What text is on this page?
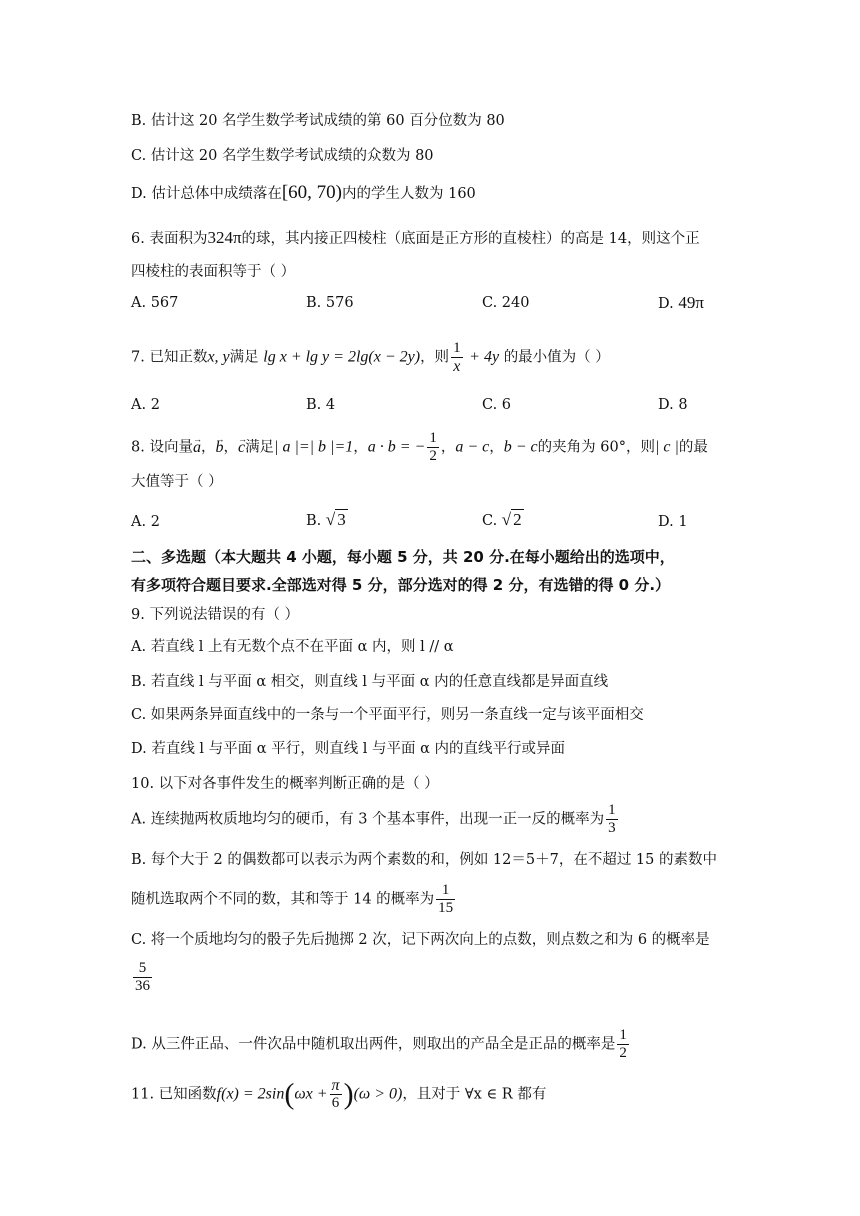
B. 估计这 20 名学生数学考试成绩的第 60 百分位数为 80
C. 估计这 20 名学生数学考试成绩的众数为 80
D. 估计总体中成绩落在[60, 70)内的学生人数为 160
6. 表面积为324π的球，其内接正四棱柱（底面是正方形的直棱柱）的高是 14，则这个正
四棱柱的表面积等于（ ）
A. 567	B. 576	C. 240	D. 49π
7. 已知正数x, y满足 lg x + lg y = 2lg(x − 2y)，则 $\frac{1}{x} + 4y$ 的最小值为（ ）
A. 2	B. 4	C. 6	D. 8
8. 设向量→ a，→ b，→ c满足| a |=| b |=1，a · b = − $\frac{1}{2}$ ，a − c，b − c的夹角为 60°，则| c |的最
大值等于（ ）
A. 2	B. √ 3	C. √ 2	D. 1
二、多选题（本大题共 4 小题，每小题 5 分，共 20 分.在每小题给出的选项中，
有多项符合题目要求.全部选对得 5 分，部分选对的得 2 分，有选错的得 0 分.）
9. 下列说法错误的有（ ）
A. 若直线 l 上有无数个点不在平面 α 内，则 l // α
B. 若直线 l 与平面 α 相交，则直线 l 与平面 α 内的任意直线都是异面直线
C. 如果两条异面直线中的一条与一个平面平行，则另一条直线一定与该平面相交
D. 若直线 l 与平面 α 平行，则直线 l 与平面 α 内的直线平行或异面
10. 以下对各事件发生的概率判断正确的是（ ）
A. 连续抛两枚质地均匀的硬币，有 3 个基本事件，出现一正一反的概率为 $\frac{1}{3}$
B. 每个大于 2 的偶数都可以表示为两个素数的和，例如 12＝5＋7，在不超过 15 的素数中
随机选取两个不同的数，其和等于 14 的概率为 $\frac{1}{15}$
C. 将一个质地均匀的骰子先后抛掷 2 次，记下两次向上的点数，则点数之和为 6 的概率是
$\frac{5}{36}$
D. 从三件正品、一件次品中随机取出两件，则取出的产品全是正品的概率是 $\frac{1}{2}$
11. 已知函数$f(x) = 2\sin(\omega x + \frac{\pi}{6} )(\omega > 0)$，且对于 ∀x ∈ R 都有
